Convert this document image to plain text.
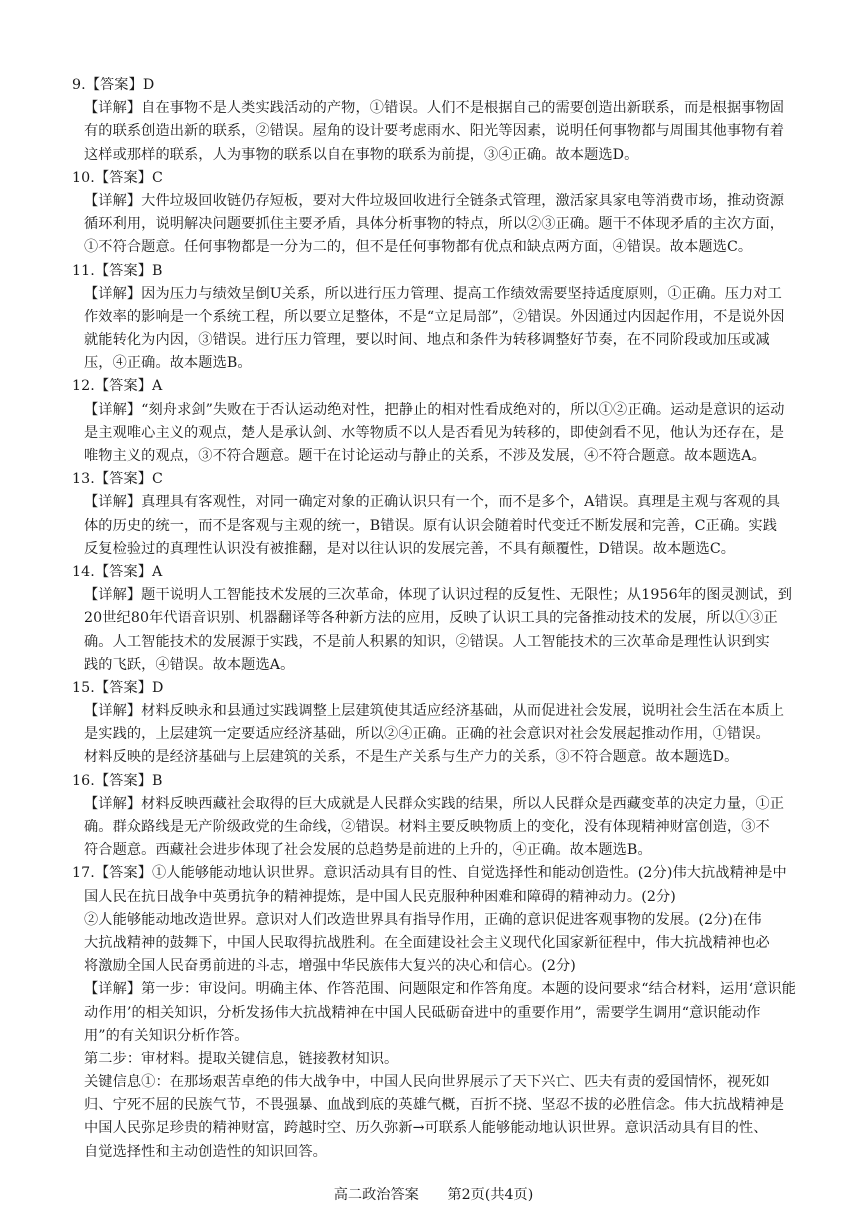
9.【答案】D
【详解】自在事物不是人类实践活动的产物，①错误。人们不是根据自己的需要创造出新联系，而是根据事物固
有的联系创造出新的联系，②错误。屋角的设计要考虑雨水、阳光等因素，说明任何事物都与周围其他事物有着
这样或那样的联系，人为事物的联系以自在事物的联系为前提，③④正确。故本题选D。
10.【答案】C
【详解】大件垃圾回收链仍存短板，要对大件垃圾回收进行全链条式管理，激活家具家电等消费市场，推动资源
循环利用，说明解决问题要抓住主要矛盾，具体分析事物的特点，所以②③正确。题干不体现矛盾的主次方面，
①不符合题意。任何事物都是一分为二的，但不是任何事物都有优点和缺点两方面，④错误。故本题选C。
11.【答案】B
【详解】因为压力与绩效呈倒U关系，所以进行压力管理、提高工作绩效需要坚持适度原则，①正确。压力对工
作效率的影响是一个系统工程，所以要立足整体，不是“立足局部”，②错误。外因通过内因起作用，不是说外因
就能转化为内因，③错误。进行压力管理，要以时间、地点和条件为转移调整好节奏，在不同阶段或加压或减
压，④正确。故本题选B。
12.【答案】A
【详解】“刻舟求剑”失败在于否认运动绝对性，把静止的相对性看成绝对的，所以①②正确。运动是意识的运动
是主观唯心主义的观点，楚人是承认剑、水等物质不以人是否看见为转移的，即使剑看不见，他认为还存在，是
唯物主义的观点，③不符合题意。题干在讨论运动与静止的关系，不涉及发展，④不符合题意。故本题选A。
13.【答案】C
【详解】真理具有客观性，对同一确定对象的正确认识只有一个，而不是多个，A错误。真理是主观与客观的具
体的历史的统一，而不是客观与主观的统一，B错误。原有认识会随着时代变迁不断发展和完善，C正确。实践
反复检验过的真理性认识没有被推翻，是对以往认识的发展完善，不具有颠覆性，D错误。故本题选C。
14.【答案】A
【详解】题干说明人工智能技术发展的三次革命，体现了认识过程的反复性、无限性；从1956年的图灵测试，到
20世纪80年代语音识别、机器翻译等各种新方法的应用，反映了认识工具的完备推动技术的发展，所以①③正
确。人工智能技术的发展源于实践，不是前人积累的知识，②错误。人工智能技术的三次革命是理性认识到实
践的飞跃，④错误。故本题选A。
15.【答案】D
【详解】材料反映永和县通过实践调整上层建筑使其适应经济基础，从而促进社会发展，说明社会生活在本质上
是实践的，上层建筑一定要适应经济基础，所以②④正确。正确的社会意识对社会发展起推动作用，①错误。
材料反映的是经济基础与上层建筑的关系，不是生产关系与生产力的关系，③不符合题意。故本题选D。
16.【答案】B
【详解】材料反映西藏社会取得的巨大成就是人民群众实践的结果，所以人民群众是西藏变革的决定力量，①正
确。群众路线是无产阶级政党的生命线，②错误。材料主要反映物质上的变化，没有体现精神财富创造，③不
符合题意。西藏社会进步体现了社会发展的总趋势是前进的上升的，④正确。故本题选B。
17.【答案】①人能够能动地认识世界。意识活动具有目的性、自觉选择性和能动创造性。(2分)伟大抗战精神是中
国人民在抗日战争中英勇抗争的精神提炼，是中国人民克服种种困难和障碍的精神动力。(2分)
②人能够能动地改造世界。意识对人们改造世界具有指导作用，正确的意识促进客观事物的发展。(2分)在伟
大抗战精神的鼓舞下，中国人民取得抗战胜利。在全面建设社会主义现代化国家新征程中，伟大抗战精神也必
将激励全国人民奋勇前进的斗志，增强中华民族伟大复兴的决心和信心。(2分)
【详解】第一步：审设问。明确主体、作答范围、问题限定和作答角度。本题的设问要求“结合材料，运用‘意识能
动作用’的相关知识，分析发扬伟大抗战精神在中国人民砥砺奋进中的重要作用”，需要学生调用“意识能动作
用”的有关知识分析作答。
第二步：审材料。提取关键信息，链接教材知识。
关键信息①：在那场艰苦卓绝的伟大战争中，中国人民向世界展示了天下兴亡、匹夫有责的爱国情怀，视死如
归、宁死不屈的民族气节，不畏强暴、血战到底的英雄气概，百折不挠、坚忍不拔的必胜信念。伟大抗战精神是
中国人民弥足珍贵的精神财富，跨越时空、历久弥新→可联系人能够能动地认识世界。意识活动具有目的性、
自觉选择性和主动创造性的知识回答。
高二政治答案 第2页(共4页)
